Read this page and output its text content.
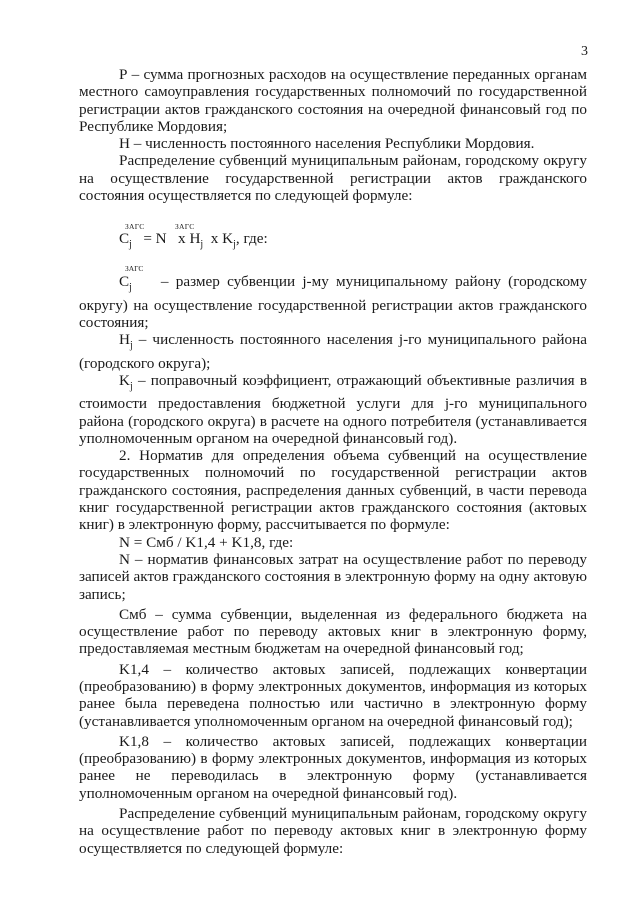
3

Р – сумма прогнозных расходов на осуществление переданных органам местного самоуправления государственных полномочий по государственной регистрации актов гражданского состояния на очередной финансовый год по Республике Мордовия;

Н – численность постоянного населения Республики Мордовия.

Распределение субвенций муниципальным районам, городскому округу на осуществление государственной регистрации актов гражданского состояния осуществляется по следующей формуле:

ЗАГС	ЗАГС
$C_j = N$ x $H_j$ x $K_j$, где:
ЗАГС

$C_j$ – размер субвенции j-му муниципальному району (городскому округу) на осуществление государственной регистрации актов гражданского состояния;

$H_j$ – численность постоянного населения j-го муниципального района (городского округа);

$K_j$ – поправочный коэффициент, отражающий объективные различия в стоимости предоставления бюджетной услуги для j-го муниципального района (городского округа) в расчете на одного потребителя (устанавливается уполномоченным органом на очередной финансовый год).

2. Норматив для определения объема субвенций на осуществление государственных полномочий по государственной регистрации актов гражданского состояния, распределения данных субвенций, в части перевода книг государственной регистрации актов гражданского состояния (актовых книг) в электронную форму, рассчитывается по формуле:

N = Смб / K1,4 + K1,8, где:

N – норматив финансовых затрат на осуществление работ по переводу записей актов гражданского состояния в электронную форму на одну актовую запись;

Смб – сумма субвенции, выделенная из федерального бюджета на осуществление работ по переводу актовых книг в электронную форму, предоставляемая местным бюджетам на очередной финансовый год;

K1,4 – количество актовых записей, подлежащих конвертации (преобразованию) в форму электронных документов, информация из которых ранее была переведена полностью или частично в электронную форму (устанавливается уполномоченным органом на очередной финансовый год);

K1,8 – количество актовых записей, подлежащих конвертации (преобразованию) в форму электронных документов, информация из которых ранее не переводилась в электронную форму (устанавливается уполномоченным органом на очередной финансовый год).

Распределение субвенций муниципальным районам, городскому округу на осуществление работ по переводу актовых книг в электронную форму осуществляется по следующей формуле:
